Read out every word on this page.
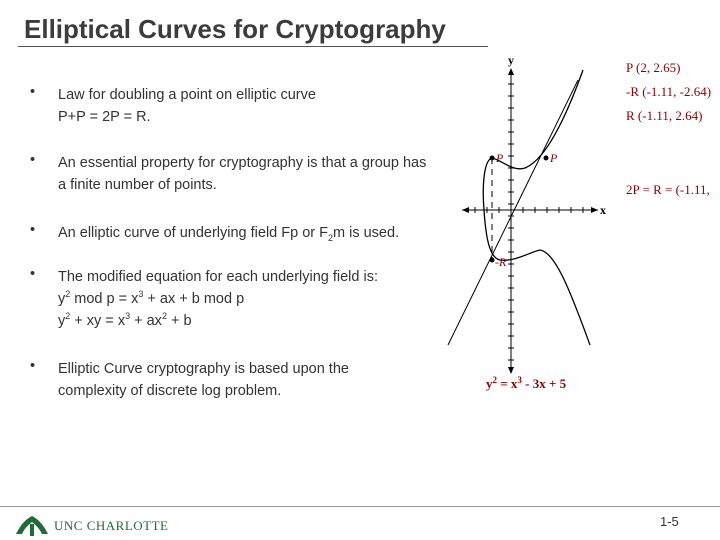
Elliptical Curves for Cryptography
• Law for doubling a point on elliptic curve
P+P = 2P = R.
• An essential property for cryptography is that a group has
a finite number of points.
• An elliptic curve of underlying field Fp or $F_2m$ is used.
• The modified equation for each underlying field is:
$y^2$ mod $p = x^3$ + ax + b mod p
$y^2$ + xy = $x^3 + ax^2 + b$
• Elliptic Curve cryptography is based upon the
complexity of discrete log problem.
y
x
P	P
-R
P (2, 2.65)
-R (-1.11, -2.64)
R (-1.11, 2.64)
2P = R = (-1.11,
$y^2 = x^3 - 3x + 5$
UNC CHARLOTTE	1-5
